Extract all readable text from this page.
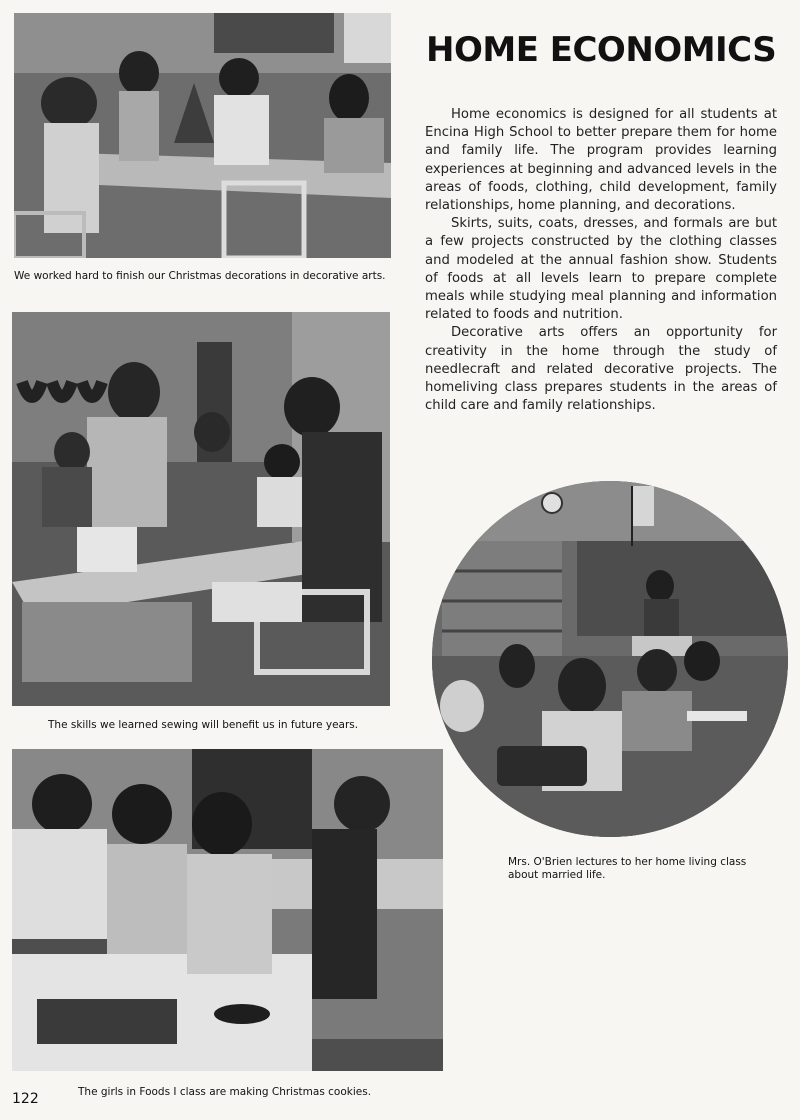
We worked hard to finish our Christmas decorations in decorative arts.
HOME ECONOMICS

Home economics is designed for all students at Encina High School to better prepare them for home and family life. The program provides learning experiences at beginning and advanced levels in the areas of foods, clothing, child development, family relationships, home planning, and decorations.

Skirts, suits, coats, dresses, and formals are but a few projects constructed by the clothing classes and modeled at the annual fashion show. Students of foods at all levels learn to prepare complete meals while studying meal planning and information related to foods and nutrition.

Decorative arts offers an opportunity for creativity in the home through the study of needlecraft and related decorative projects. The homeliving class prepares students in the areas of child care and family relationships.

The skills we learned sewing will benefit us in future years.
The girls in Foods I class are making Christmas cookies.
Mrs. O'Brien lectures to her home living class about married life.
122
